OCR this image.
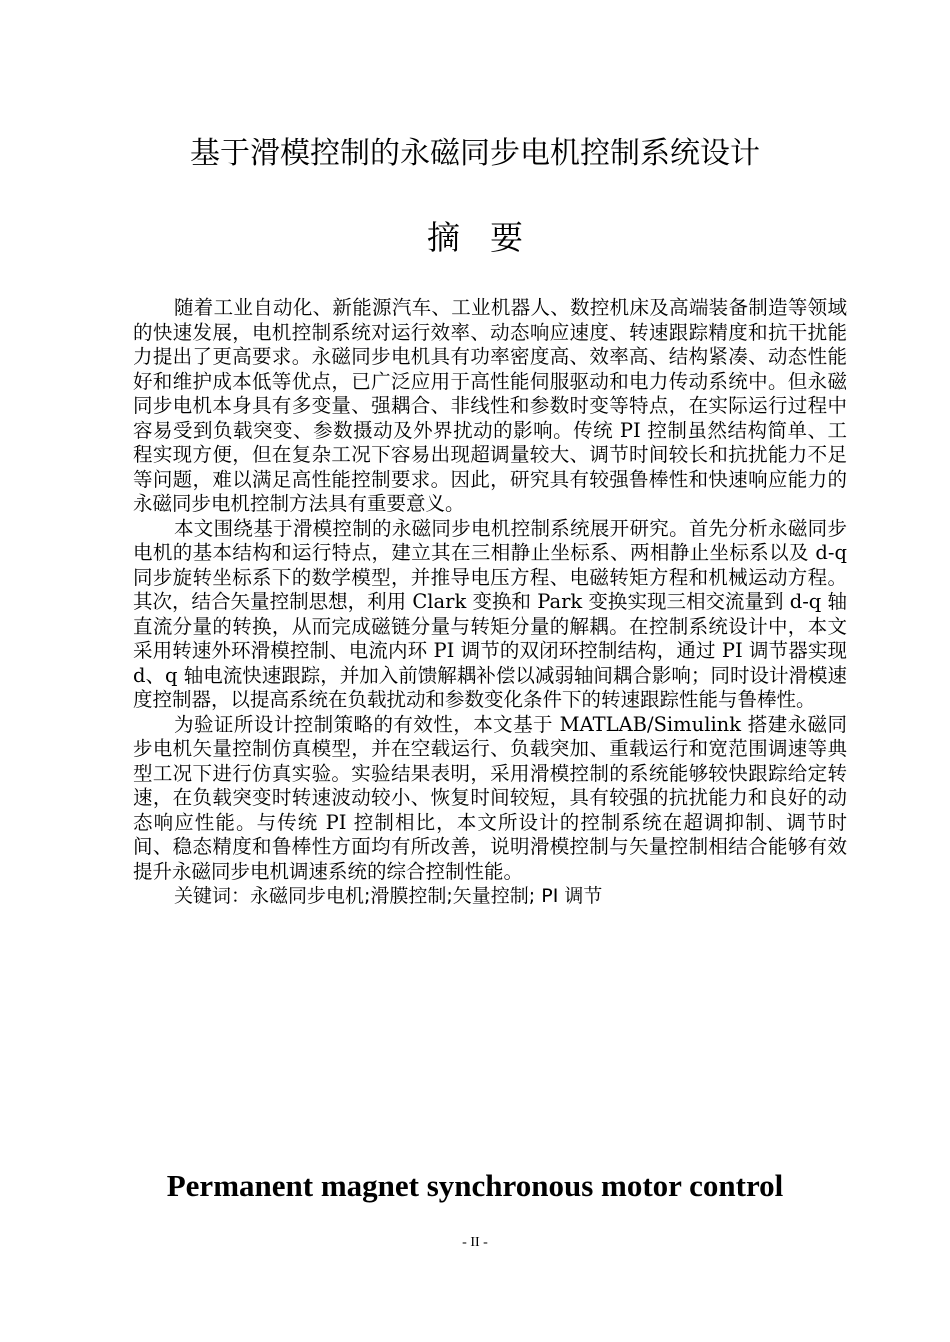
基于滑模控制的永磁同步电机控制系统设计
摘要

随着工业自动化、新能源汽车、工业机器人、数控机床及高端装备制造等领域的快速发展，电机控制系统对运行效率、动态响应速度、转速跟踪精度和抗干扰能力提出了更高要求。永磁同步电机具有功率密度高、效率高、结构紧凑、动态性能好和维护成本低等优点，已广泛应用于高性能伺服驱动和电力传动系统中。但永磁同步电机本身具有多变量、强耦合、非线性和参数时变等特点，在实际运行过程中容易受到负载突变、参数摄动及外界扰动的影响。传统 PI 控制虽然结构简单、工程实现方便，但在复杂工况下容易出现超调量较大、调节时间较长和抗扰能力不足等问题，难以满足高性能控制要求。因此，研究具有较强鲁棒性和快速响应能力的永磁同步电机控制方法具有重要意义。

本文围绕基于滑模控制的永磁同步电机控制系统展开研究。首先分析永磁同步电机的基本结构和运行特点，建立其在三相静止坐标系、两相静止坐标系以及 d-q 同步旋转坐标系下的数学模型，并推导电压方程、电磁转矩方程和机械运动方程。其次，结合矢量控制思想，利用 Clark 变换和 Park 变换实现三相交流量到 d-q 轴直流分量的转换，从而完成磁链分量与转矩分量的解耦。在控制系统设计中，本文采用转速外环滑模控制、电流内环 PI 调节的双闭环控制结构，通过 PI 调节器实现 d、q 轴电流快速跟踪，并加入前馈解耦补偿以减弱轴间耦合影响；同时设计滑模速度控制器，以提高系统在负载扰动和参数变化条件下的转速跟踪性能与鲁棒性。

为验证所设计控制策略的有效性，本文基于 MATLAB/Simulink 搭建永磁同步电机矢量控制仿真模型，并在空载运行、负载突加、重载运行和宽范围调速等典型工况下进行仿真实验。实验结果表明，采用滑模控制的系统能够较快跟踪给定转速，在负载突变时转速波动较小、恢复时间较短，具有较强的抗扰能力和良好的动态响应性能。与传统 PI 控制相比，本文所设计的控制系统在超调抑制、调节时间、稳态精度和鲁棒性方面均有所改善，说明滑模控制与矢量控制相结合能够有效提升永磁同步电机调速系统的综合控制性能。

关键词：永磁同步电机;滑膜控制;矢量控制; PI 调节

Permanent magnet synchronous motor control
- II -
